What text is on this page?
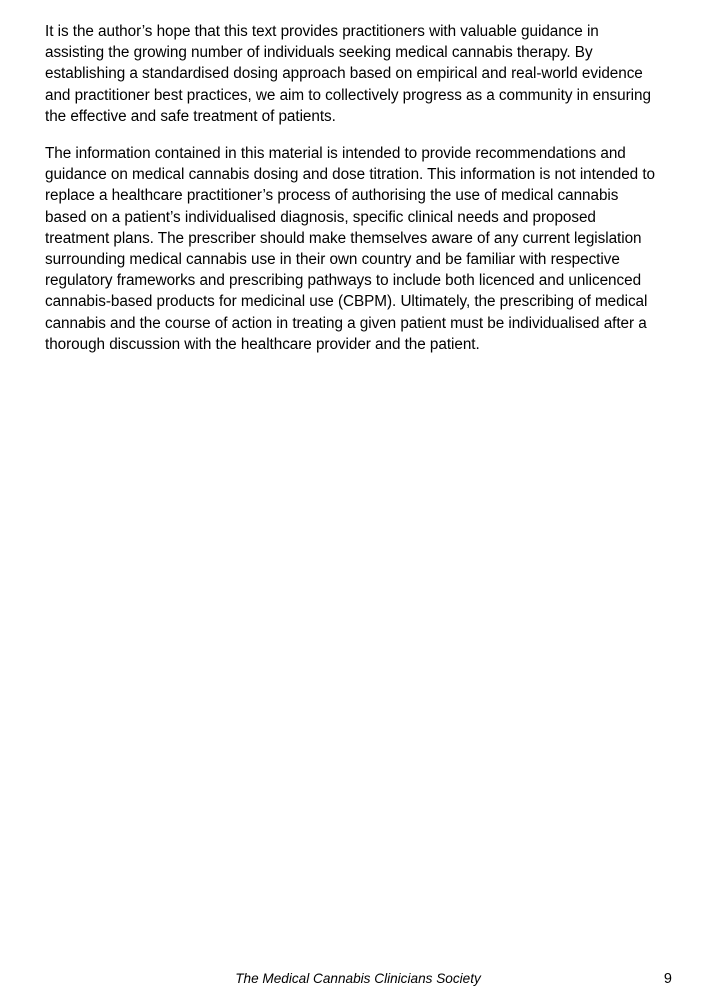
It is the author’s hope that this text provides practitioners with valuable guidance in
assisting the growing number of individuals seeking medical cannabis therapy. By
establishing a standardised dosing approach based on empirical and real-world evidence
and practitioner best practices, we aim to collectively progress as a community in ensuring
the effective and safe treatment of patients.

The information contained in this material is intended to provide recommendations and
guidance on medical cannabis dosing and dose titration. This information is not intended to
replace a healthcare practitioner’s process of authorising the use of medical cannabis
based on a patient’s individualised diagnosis, specific clinical needs and proposed
treatment plans. The prescriber should make themselves aware of any current legislation
surrounding medical cannabis use in their own country and be familiar with respective
regulatory frameworks and prescribing pathways to include both licenced and unlicenced
cannabis-based products for medicinal use (CBPM). Ultimately, the prescribing of medical
cannabis and the course of action in treating a given patient must be individualised after a
thorough discussion with the healthcare provider and the patient.

The Medical Cannabis Clinicians Society	9
